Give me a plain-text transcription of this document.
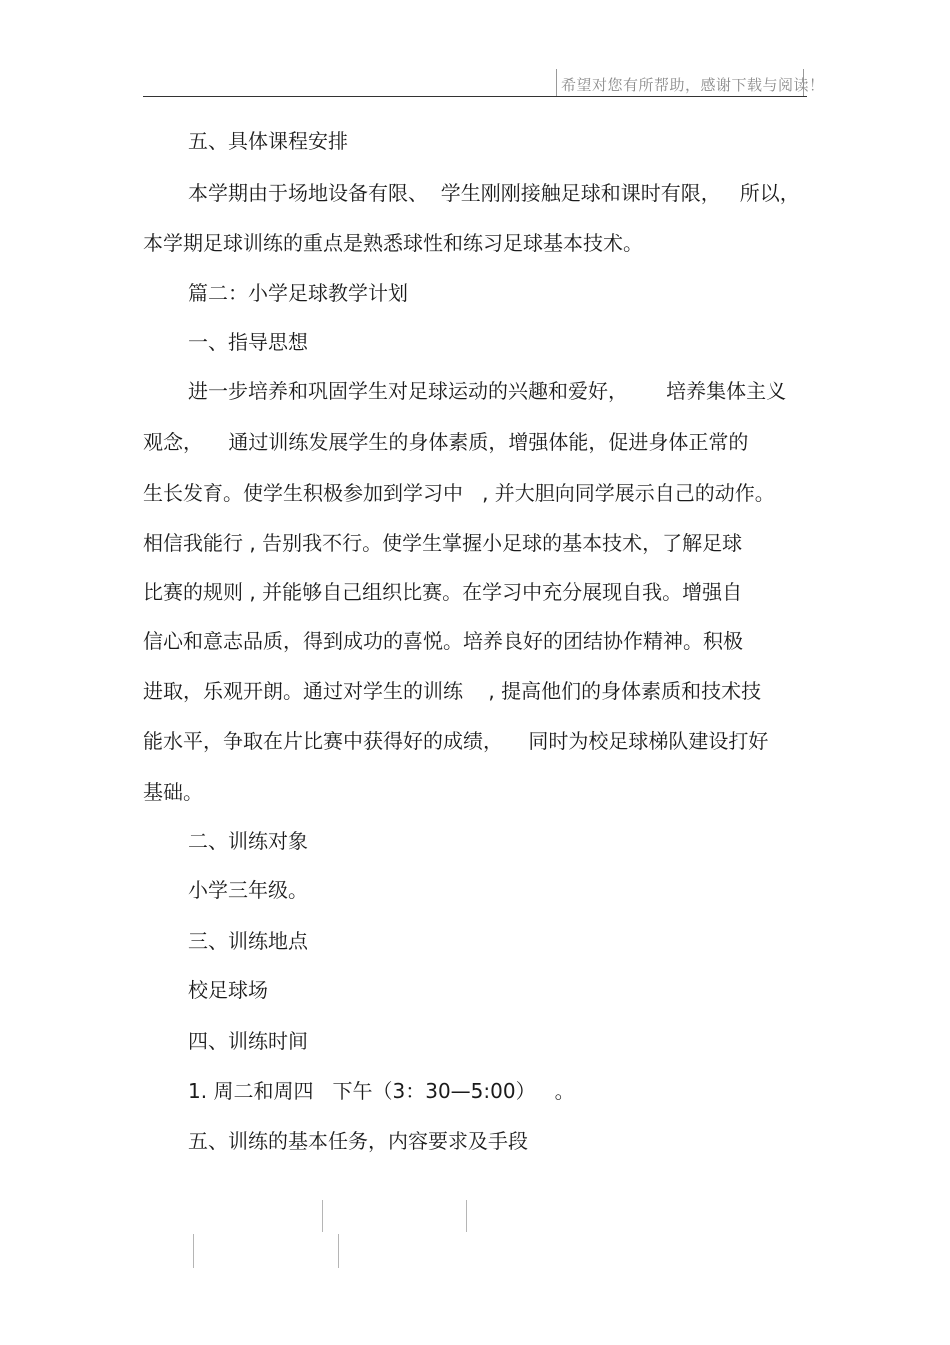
希望对您有所帮助，感谢下载与阅读！
五、具体课程安排
本学期由于场地设备有限、  学生刚刚接触足球和课时有限，   所以，
本学期足球训练的重点是熟悉球性和练习足球基本技术。
篇二：小学足球教学计划
一、指导思想
进一步培养和巩固学生对足球运动的兴趣和爱好，      培养集体主义
观念，    通过训练发展学生的身体素质，增强体能，促进身体正常的
生长发育。使学生积极参加到学习中   , 并大胆向同学展示自己的动作。
相信我能行 , 告别我不行。使学生掌握小足球的基本技术，了解足球
比赛的规则 , 并能够自己组织比赛。在学习中充分展现自我。增强自
信心和意志品质，得到成功的喜悦。培养良好的团结协作精神。积极
进取，乐观开朗。通过对学生的训练    , 提高他们的身体素质和技术技
能水平，争取在片比赛中获得好的成绩，    同时为校足球梯队建设打好
基础。
二、训练对象
小学三年级。
三、训练地点
校足球场
四、训练时间
1. 周二和周四   下午（3：30—5:00）   。
五、训练的基本任务，内容要求及手段
